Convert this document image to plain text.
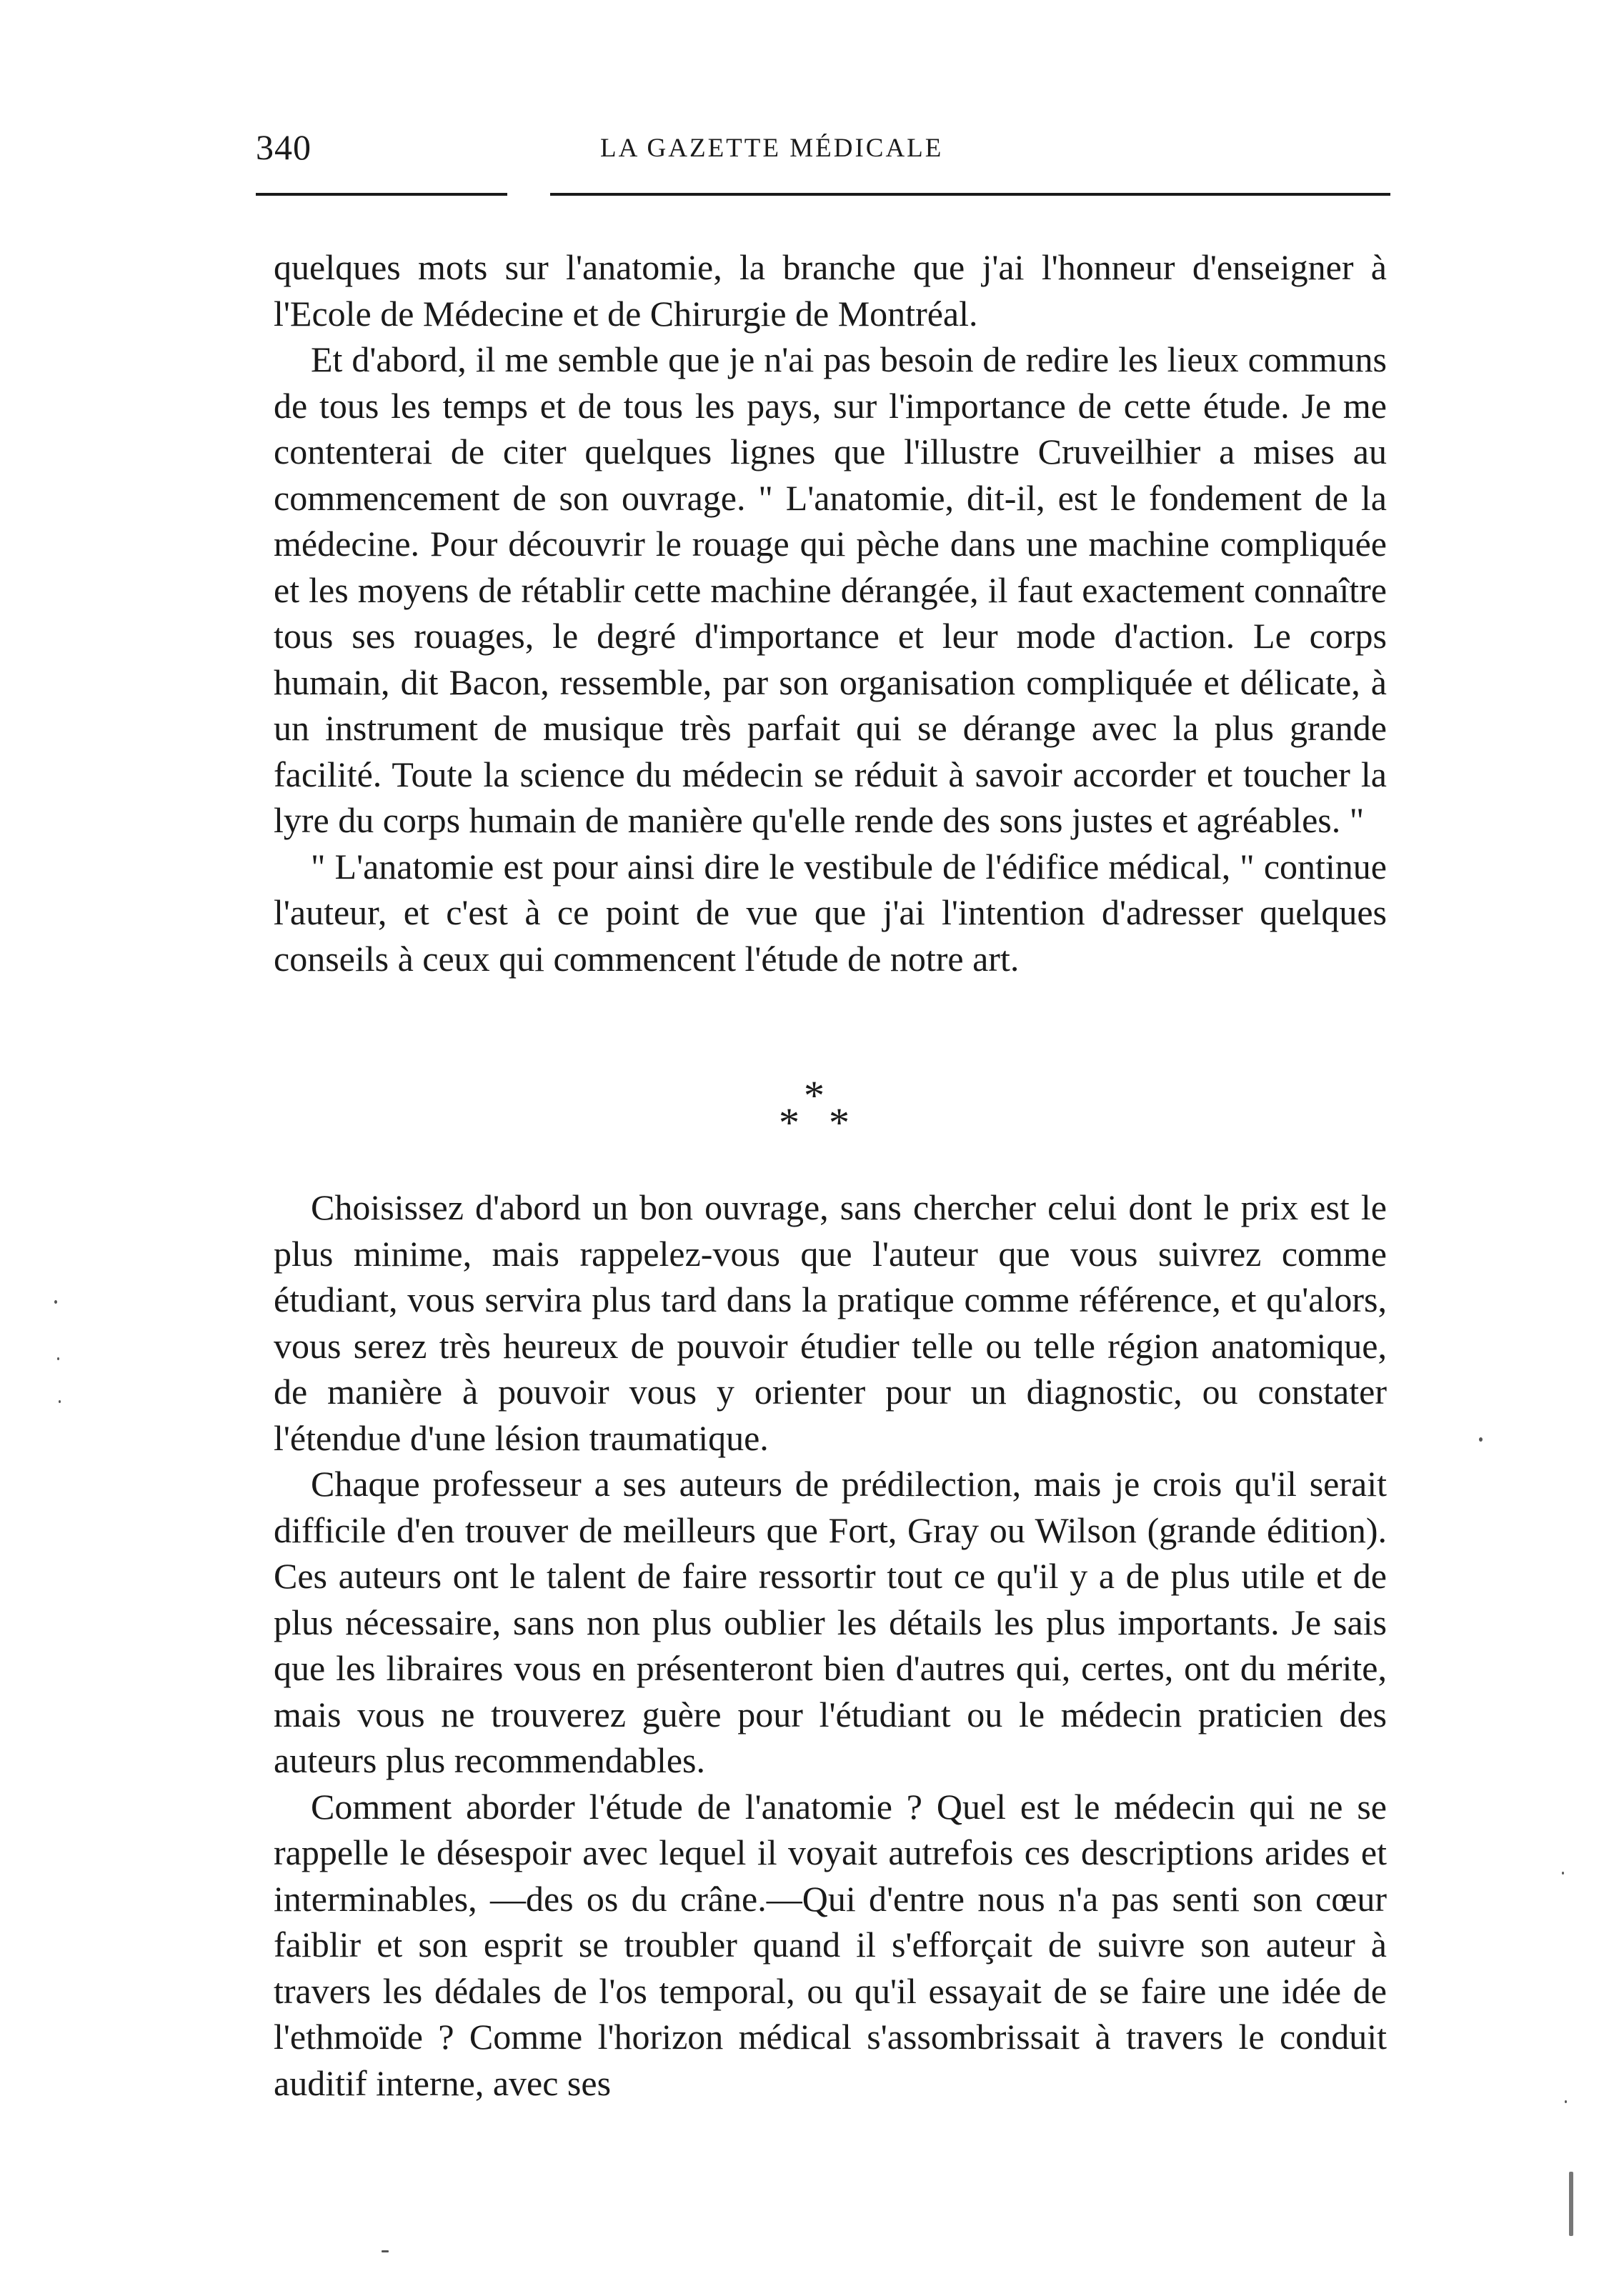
340	LA GAZETTE MÉDICALE

quelques mots sur l'anatomie, la branche que j'ai l'honneur d'enseigner à l'Ecole de Médecine et de Chirurgie de Montréal.

Et d'abord, il me semble que je n'ai pas besoin de redire les lieux communs de tous les temps et de tous les pays, sur l'importance de cette étude. Je me contenterai de citer quelques lignes que l'illustre Cruveilhier a mises au commencement de son ouvrage. " L'anatomie, dit-il, est le fondement de la médecine. Pour découvrir le rouage qui pèche dans une machine compliquée et les moyens de rétablir cette machine dérangée, il faut exactement connaître tous ses rouages, le degré d'importance et leur mode d'action. Le corps humain, dit Bacon, ressemble, par son organisation compliquée et délicate, à un instrument de musique très parfait qui se dérange avec la plus grande facilité. Toute la science du médecin se réduit à savoir accorder et toucher la lyre du corps humain de manière qu'elle rende des sons justes et agréables. "

" L'anatomie est pour ainsi dire le vestibule de l'édifice médical, " continue l'auteur, et c'est à ce point de vue que j'ai l'intention d'adresser quelques conseils à ceux qui commencent l'étude de notre art.

*
* *

Choisissez d'abord un bon ouvrage, sans chercher celui dont le prix est le plus minime, mais rappelez-vous que l'auteur que vous suivrez comme étudiant, vous servira plus tard dans la pratique comme référence, et qu'alors, vous serez très heureux de pouvoir étudier telle ou telle région anatomique, de manière à pouvoir vous y orienter pour un diagnostic, ou constater l'étendue d'une lésion traumatique.

Chaque professeur a ses auteurs de prédilection, mais je crois qu'il serait difficile d'en trouver de meilleurs que Fort, Gray ou Wilson (grande édition). Ces auteurs ont le talent de faire ressortir tout ce qu'il y a de plus utile et de plus nécessaire, sans non plus oublier les détails les plus importants. Je sais que les libraires vous en présenteront bien d'autres qui, certes, ont du mérite, mais vous ne trouverez guère pour l'étudiant ou le médecin praticien des auteurs plus recommendables.

Comment aborder l'étude de l'anatomie ? Quel est le médecin qui ne se rappelle le désespoir avec lequel il voyait autrefois ces descriptions arides et interminables, —des os du crâne.—Qui d'entre nous n'a pas senti son cœur faiblir et son esprit se troubler quand il s'efforçait de suivre son auteur à travers les dédales de l'os temporal, ou qu'il essayait de se faire une idée de l'ethmoïde ? Comme l'horizon médical s'assombrissait à travers le conduit auditif interne, avec ses
